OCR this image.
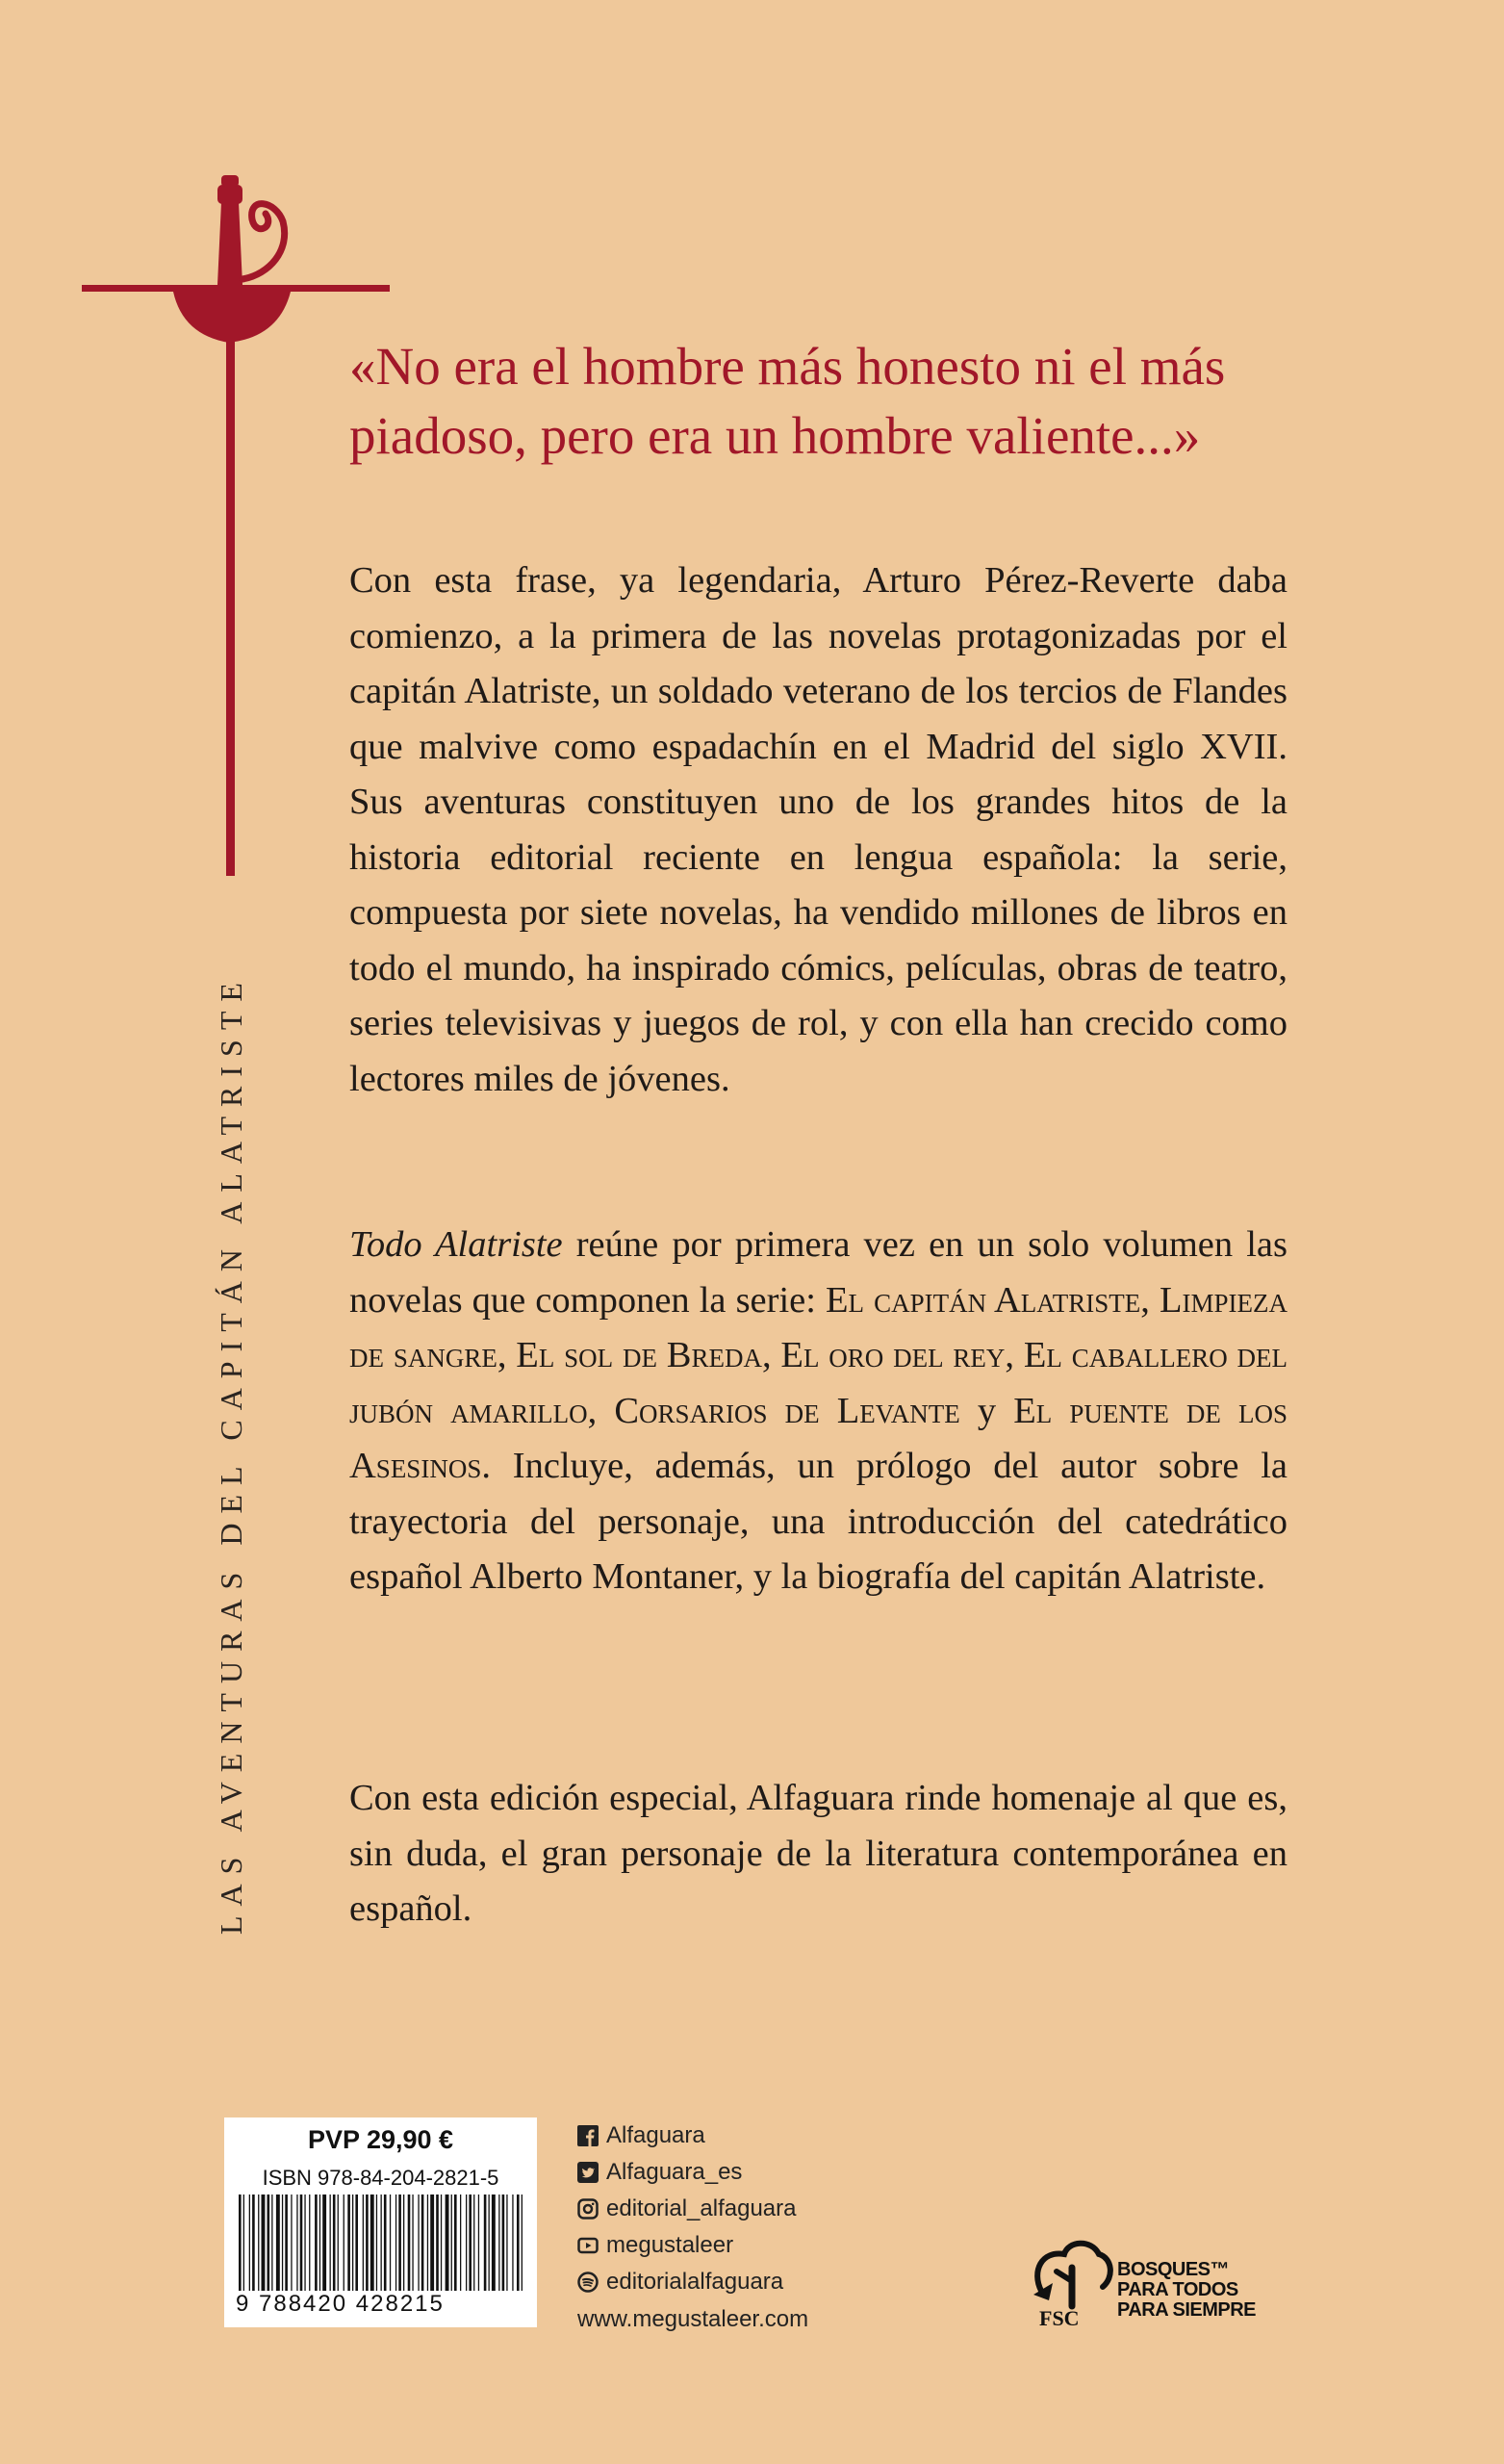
LAS AVENTURAS DEL CAPITÁN ALATRISTE
«No era el hombre más honesto ni el más piadoso, pero era un hombre valiente...»
Con esta frase, ya legendaria, Arturo Pérez-Reverte daba comienzo, a la primera de las novelas protagonizadas por el capitán Alatriste, un soldado veterano de los tercios de Flandes que malvive como espadachín en el Madrid del siglo XVII. Sus aventuras constituyen uno de los grandes hitos de la historia editorial reciente en lengua española: la serie, compuesta por siete novelas, ha vendido millones de libros en todo el mundo, ha inspirado cómics, películas, obras de teatro, series televisivas y juegos de rol, y con ella han crecido como lectores miles de jóvenes.
Todo Alatriste reúne por primera vez en un solo volumen las novelas que componen la serie: El capitán Alatriste, Limpieza de sangre, El sol de Breda, El oro del rey, El caballero del jubón amarillo, Corsarios de Levante y El puente de los Asesinos. Incluye, además, un prólogo del autor sobre la trayectoria del personaje, una introducción del catedrático español Alberto Montaner, y la biografía del capitán Alatriste.
Con esta edición especial, Alfaguara rinde homenaje al que es, sin duda, el gran personaje de la literatura contemporánea en español.
PVP 29,90 €
ISBN 978-84-204-2821-5
9 788420 428215
Alfaguara
Alfaguara_es
editorial_alfaguara
megustaleer
editorialalfaguara
www.megustaleer.com	FSC
BOSQUES™
PARA TODOS
PARA SIEMPRE
